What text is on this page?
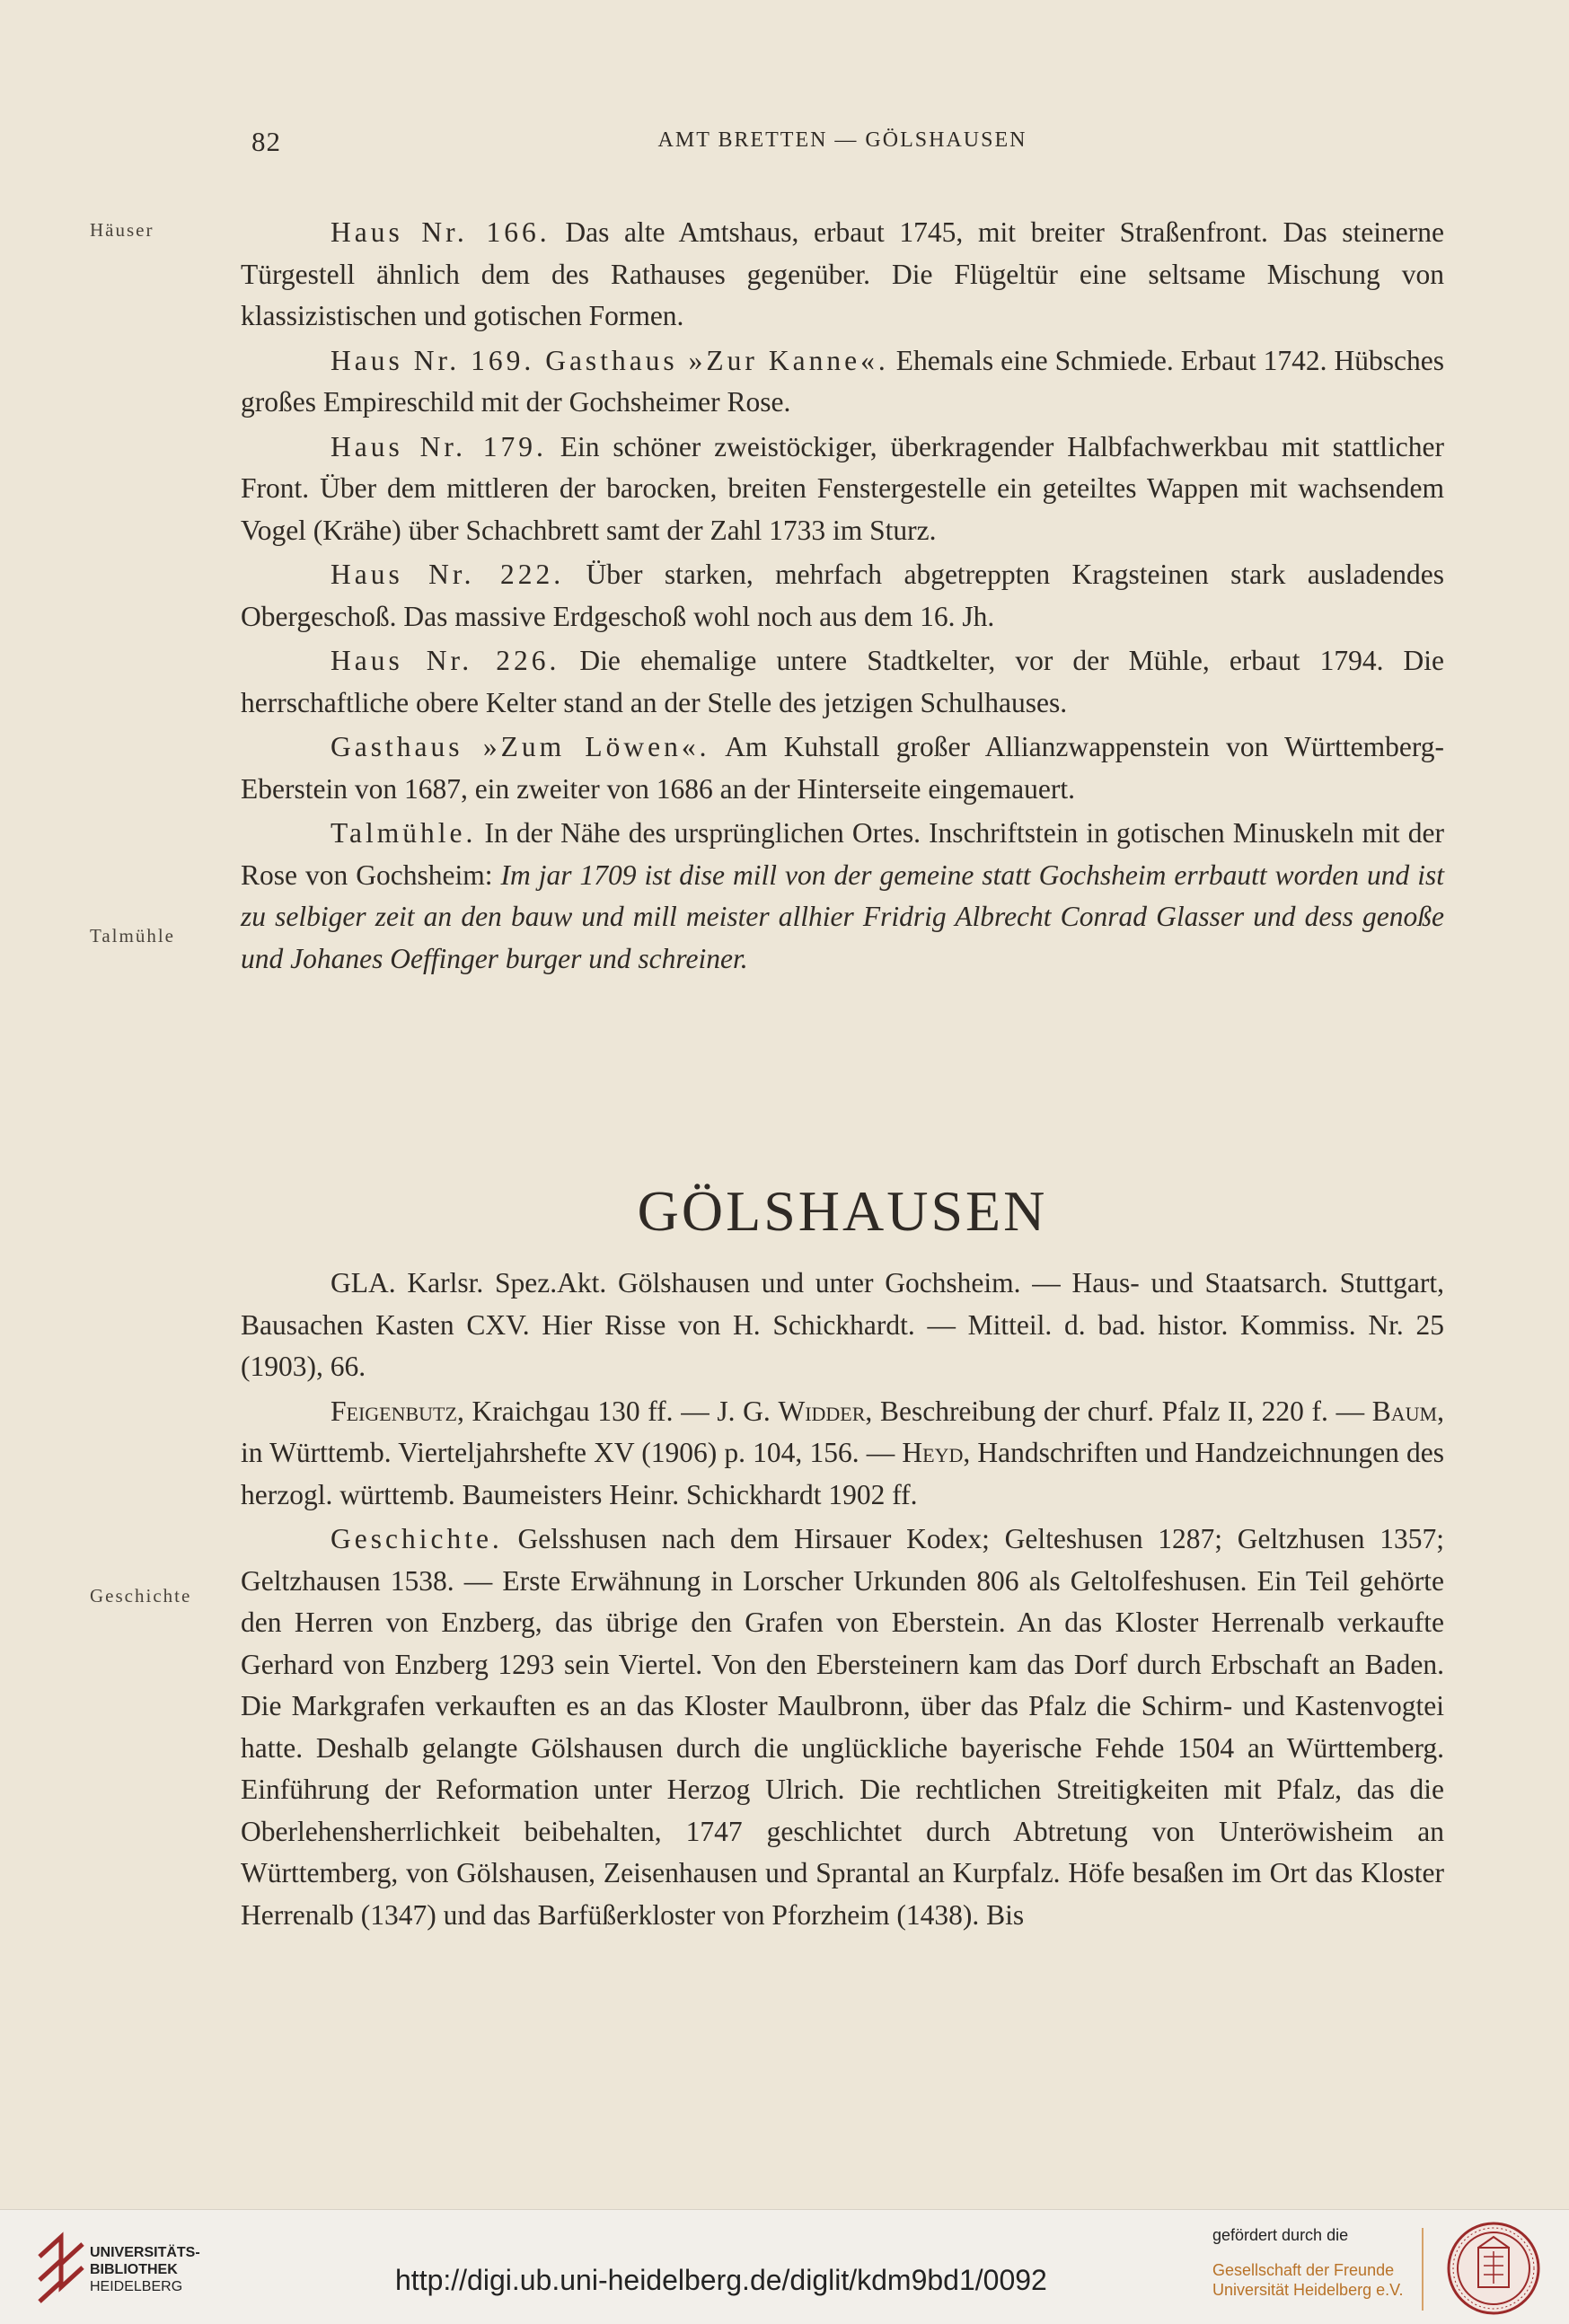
82	AMT BRETTEN — GÖLSHAUSEN
Häuser
Talmühle
Geschichte

Haus Nr. 166. Das alte Amtshaus, erbaut 1745, mit breiter Straßenfront. Das steinerne Türgestell ähnlich dem des Rathauses gegenüber. Die Flügeltür eine seltsame Mischung von klassizistischen und gotischen Formen.

Haus Nr. 169. Gasthaus »Zur Kanne«. Ehemals eine Schmiede. Erbaut 1742. Hübsches großes Empireschild mit der Gochsheimer Rose.

Haus Nr. 179. Ein schöner zweistöckiger, überkragender Halbfachwerkbau mit stattlicher Front. Über dem mittleren der barocken, breiten Fenstergestelle ein geteiltes Wappen mit wachsendem Vogel (Krähe) über Schachbrett samt der Zahl 1733 im Sturz.

Haus Nr. 222. Über starken, mehrfach abgetreppten Kragsteinen stark ausladendes Obergeschoß. Das massive Erdgeschoß wohl noch aus dem 16. Jh.

Haus Nr. 226. Die ehemalige untere Stadtkelter, vor der Mühle, erbaut 1794. Die herrschaftliche obere Kelter stand an der Stelle des jetzigen Schulhauses.

Gasthaus »Zum Löwen«. Am Kuhstall großer Allianzwappenstein von Württemberg-Eberstein von 1687, ein zweiter von 1686 an der Hinterseite eingemauert.

Talmühle. In der Nähe des ursprünglichen Ortes. Inschriftstein in gotischen Minuskeln mit der Rose von Gochsheim: Im jar 1709 ist dise mill von der gemeine statt Gochsheim errbautt worden und ist zu selbiger zeit an den bauw und mill meister allhier Fridrig Albrecht Conrad Glasser und dess genoße und Johanes Oeffinger burger und schreiner.

GÖLSHAUSEN

GLA. Karlsr. Spez.Akt. Gölshausen und unter Gochsheim. — Haus- und Staatsarch. Stuttgart, Bausachen Kasten CXV. Hier Risse von H. Schickhardt. — Mitteil. d. bad. histor. Kommiss. Nr. 25 (1903), 66.

Feigenbutz, Kraichgau 130 ff. — J. G. Widder, Beschreibung der churf. Pfalz II, 220 f. — Baum, in Württemb. Vierteljahrshefte XV (1906) p. 104, 156. — Heyd, Handschriften und Handzeichnungen des herzogl. württemb. Baumeisters Heinr. Schickhardt 1902 ff.

Geschichte. Gelsshusen nach dem Hirsauer Kodex; Gelteshusen 1287; Geltzhusen 1357; Geltzhausen 1538. — Erste Erwähnung in Lorscher Urkunden 806 als Geltolfeshusen. Ein Teil gehörte den Herren von Enzberg, das übrige den Grafen von Eberstein. An das Kloster Herrenalb verkaufte Gerhard von Enzberg 1293 sein Viertel. Von den Ebersteinern kam das Dorf durch Erbschaft an Baden. Die Markgrafen verkauften es an das Kloster Maulbronn, über das Pfalz die Schirm- und Kastenvogtei hatte. Deshalb gelangte Gölshausen durch die unglückliche bayerische Fehde 1504 an Württemberg. Einführung der Reformation unter Herzog Ulrich. Die rechtlichen Streitigkeiten mit Pfalz, das die Oberlehensherrlichkeit beibehalten, 1747 geschlichtet durch Abtretung von Unteröwisheim an Württemberg, von Gölshausen, Zeisenhausen und Sprantal an Kurpfalz. Höfe besaßen im Ort das Kloster Herrenalb (1347) und das Barfüßerkloster von Pforzheim (1438). Bis

UNIVERSITÄTS-
BIBLIOTHEK
HEIDELBERG	http://digi.ub.uni-heidelberg.de/diglit/kdm9bd1/0092
gefördert durch die
Gesellschaft der Freunde
Universität Heidelberg e.V.
